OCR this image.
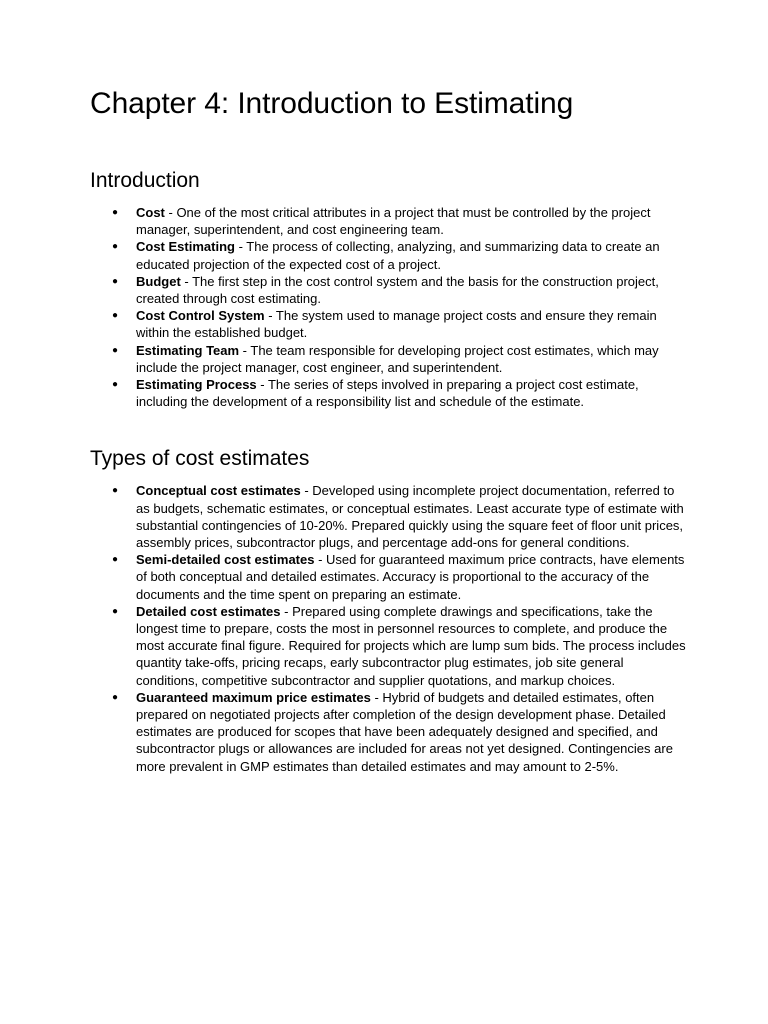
Chapter 4: Introduction to Estimating
Introduction
● Cost - One of the most critical attributes in a project that must be controlled by the project manager, superintendent, and cost engineering team.
● Cost Estimating - The process of collecting, analyzing, and summarizing data to create an educated projection of the expected cost of a project.
● Budget - The first step in the cost control system and the basis for the construction project, created through cost estimating.
● Cost Control System - The system used to manage project costs and ensure they remain within the established budget.
● Estimating Team - The team responsible for developing project cost estimates, which may include the project manager, cost engineer, and superintendent.
● Estimating Process - The series of steps involved in preparing a project cost estimate, including the development of a responsibility list and schedule of the estimate.
Types of cost estimates
● Conceptual cost estimates - Developed using incomplete project documentation, referred to as budgets, schematic estimates, or conceptual estimates. Least accurate type of estimate with substantial contingencies of 10-20%. Prepared quickly using the square feet of floor unit prices, assembly prices, subcontractor plugs, and percentage add-ons for general conditions.
● Semi-detailed cost estimates - Used for guaranteed maximum price contracts, have elements of both conceptual and detailed estimates. Accuracy is proportional to the accuracy of the documents and the time spent on preparing an estimate.
● Detailed cost estimates - Prepared using complete drawings and specifications, take the longest time to prepare, costs the most in personnel resources to complete, and produce the most accurate final figure. Required for projects which are lump sum bids. The process includes quantity take-offs, pricing recaps, early subcontractor plug estimates, job site general conditions, competitive subcontractor and supplier quotations, and markup choices.
● Guaranteed maximum price estimates - Hybrid of budgets and detailed estimates, often prepared on negotiated projects after completion of the design development phase. Detailed estimates are produced for scopes that have been adequately designed and specified, and subcontractor plugs or allowances are included for areas not yet designed. Contingencies are more prevalent in GMP estimates than detailed estimates and may amount to 2-5%.
